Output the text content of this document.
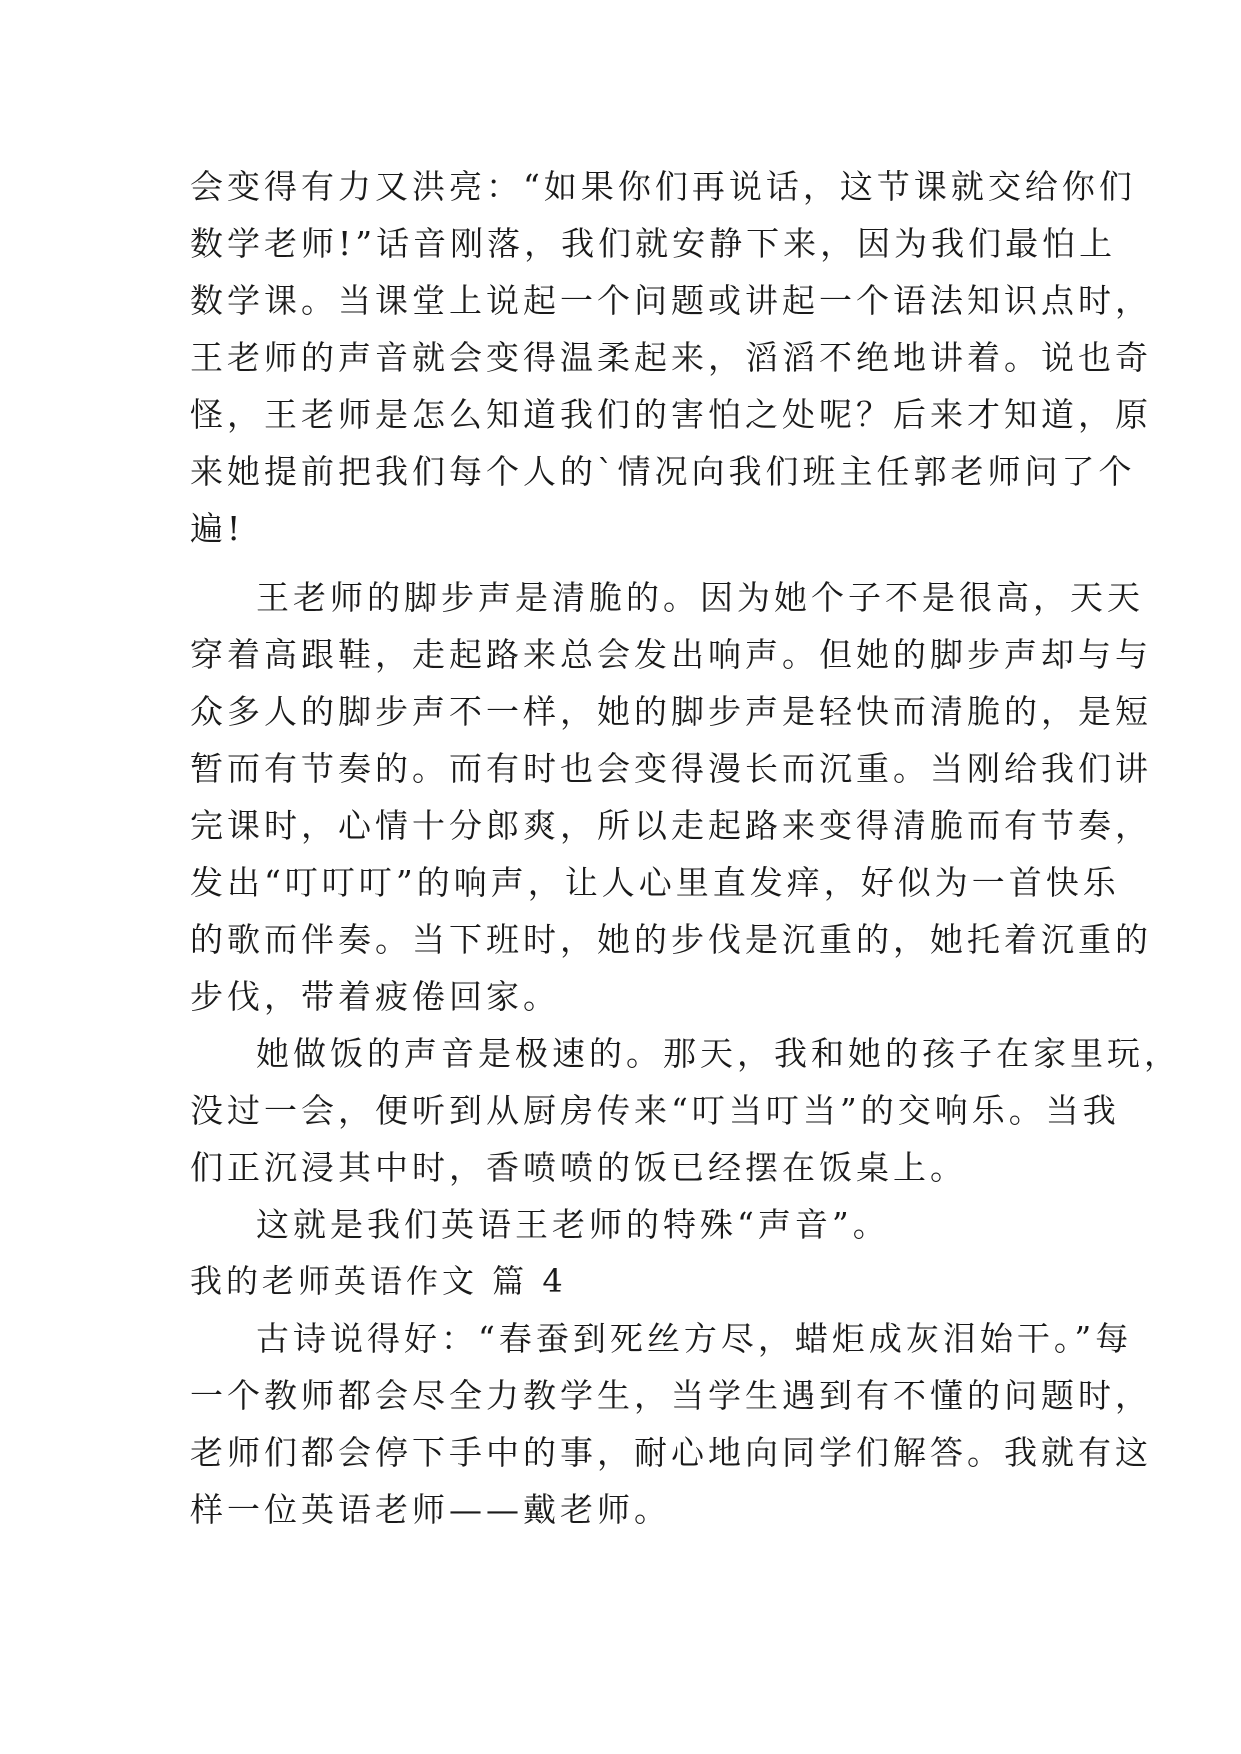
会变得有力又洪亮：“如果你们再说话，这节课就交给你们
数学老师!”话音刚落，我们就安静下来，因为我们最怕上
数学课。当课堂上说起一个问题或讲起一个语法知识点时，
王老师的声音就会变得温柔起来，滔滔不绝地讲着。说也奇
怪，王老师是怎么知道我们的害怕之处呢？后来才知道，原
来她提前把我们每个人的`情况向我们班主任郭老师问了个
遍!
王老师的脚步声是清脆的。因为她个子不是很高，天天
穿着高跟鞋，走起路来总会发出响声。但她的脚步声却与与
众多人的脚步声不一样，她的脚步声是轻快而清脆的，是短
暂而有节奏的。而有时也会变得漫长而沉重。当刚给我们讲
完课时，心情十分郎爽，所以走起路来变得清脆而有节奏，
发出“叮叮叮”的响声，让人心里直发痒，好似为一首快乐
的歌而伴奏。当下班时，她的步伐是沉重的，她托着沉重的
步伐，带着疲倦回家。
她做饭的声音是极速的。那天，我和她的孩子在家里玩，
没过一会，便听到从厨房传来“叮当叮当”的交响乐。当我
们正沉浸其中时，香喷喷的饭已经摆在饭桌上。
这就是我们英语王老师的特殊“声音”。
我的老师英语作文 篇 4
古诗说得好：“春蚕到死丝方尽，蜡炬成灰泪始干。”每
一个教师都会尽全力教学生，当学生遇到有不懂的问题时，
老师们都会停下手中的事，耐心地向同学们解答。我就有这
样一位英语老师——戴老师。
